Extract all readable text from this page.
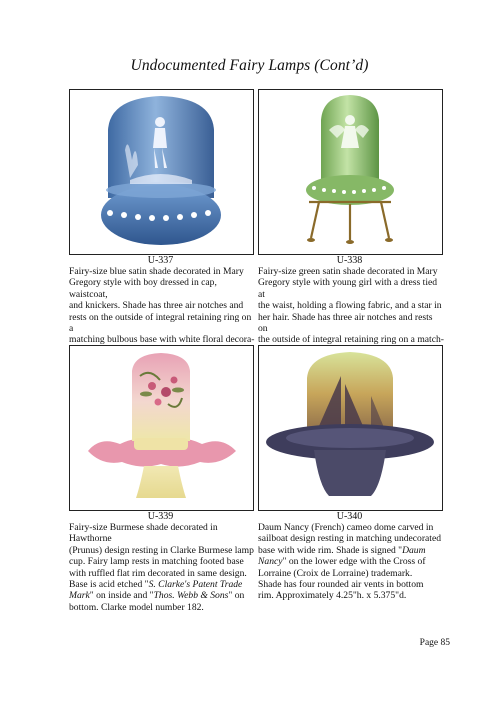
Undocumented Fairy Lamps (Cont’d)
U-337
Fairy-size blue satin shade decorated in Mary
Gregory style with boy dressed in cap, waistcoat,
and knickers. Shade has three air notches and
rests on the outside of integral retaining ring on a
matching bulbous base with white floral decora-
U-338
Fairy-size green satin shade decorated in Mary
Gregory style with young girl with a dress tied at
the waist, holding a flowing fabric, and a star in
her hair. Shade has three air notches and rests on
the outside of integral retaining ring on a match-
U-339
Fairy-size Burmese shade decorated in Hawthorne
(Prunus) design resting in Clarke Burmese lamp
cup. Fairy lamp rests in matching footed base
with ruffled flat rim decorated in same design.
Base is acid etched "S. Clarke's Patent Trade
Mark" on inside and "Thos. Webb & Sons" on
bottom. Clarke model number 182.
U-340
Daum Nancy (French) cameo dome carved in
sailboat design resting in matching undecorated
base with wide rim. Shade is signed "Daum
Nancy" on the lower edge with the Cross of
Lorraine (Croix de Lorraine) trademark.
Shade has four rounded air vents in bottom
rim. Approximately 4.25"h. x 5.375"d.
Page 85
